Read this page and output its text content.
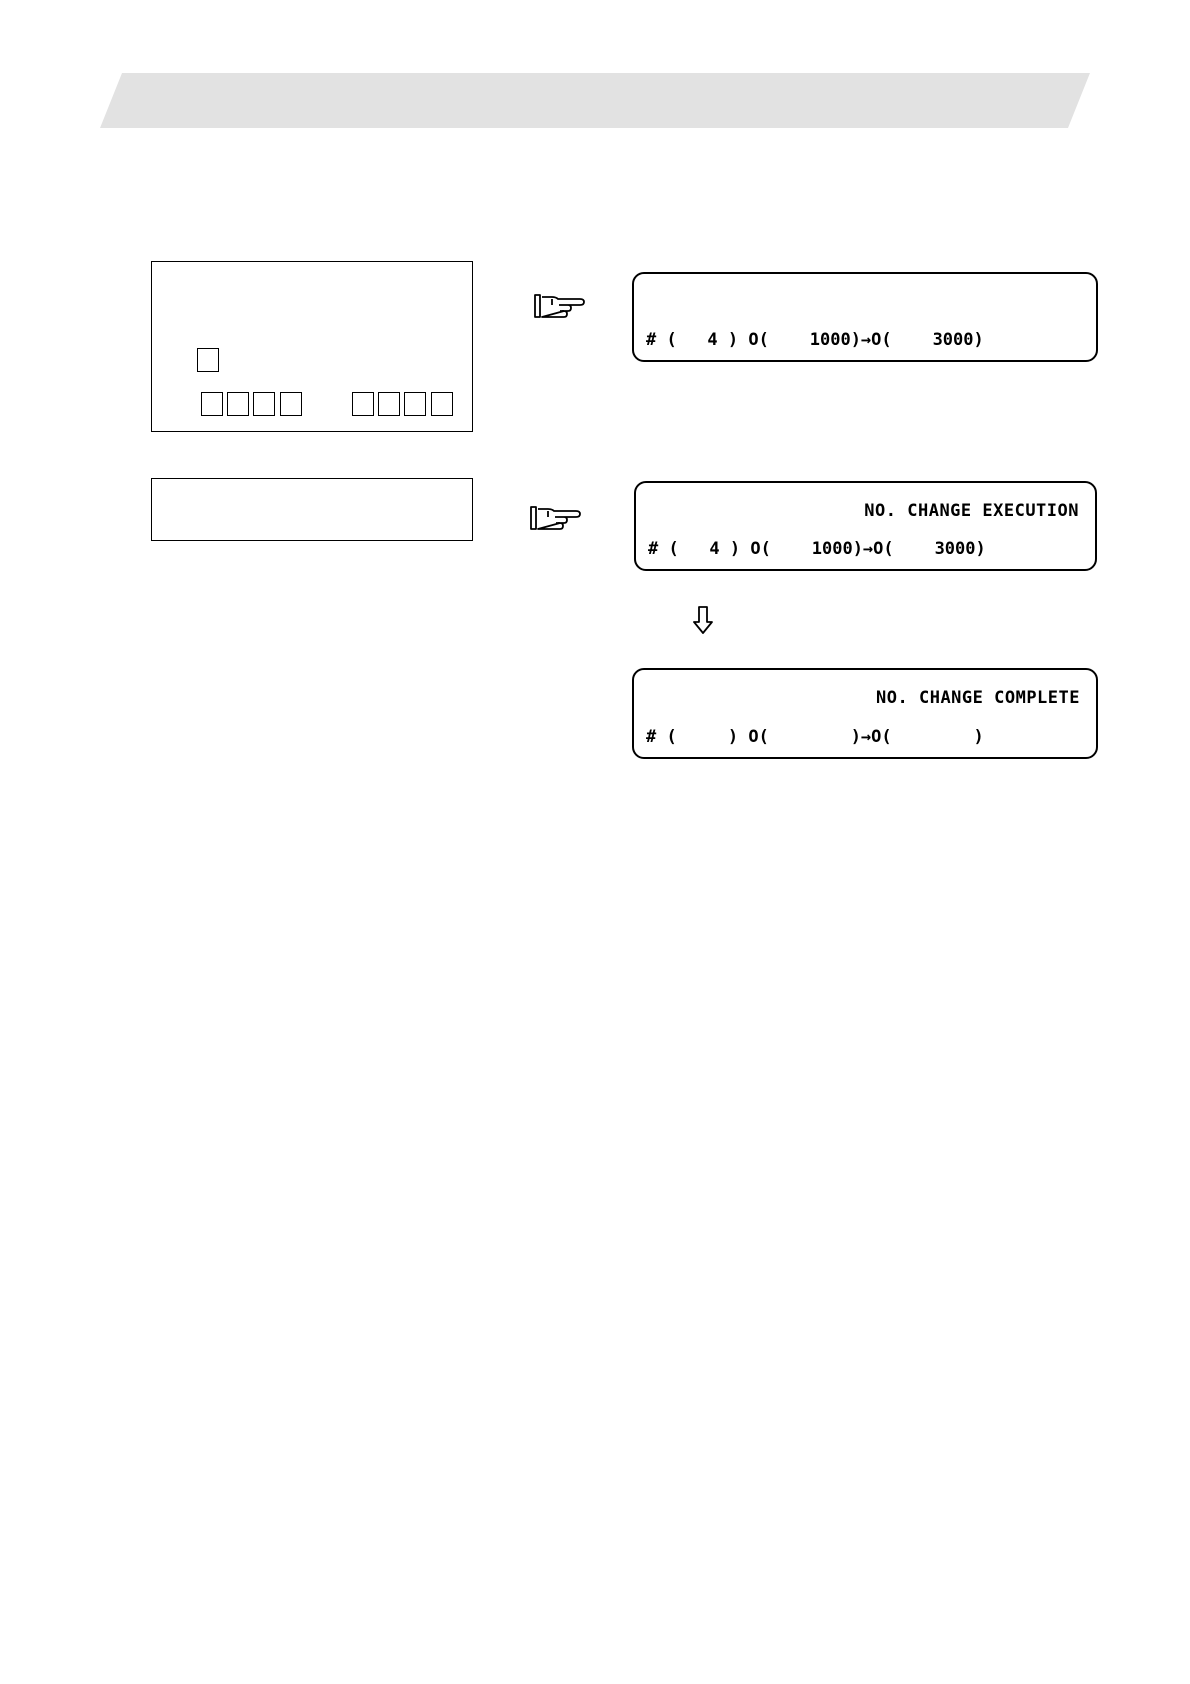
# (   4 ) O(    1000)→O(    3000)
NO. CHANGE EXECUTION
# (   4 ) O(    1000)→O(    3000)
NO. CHANGE COMPLETE
# (     ) O(        )→O(        )
